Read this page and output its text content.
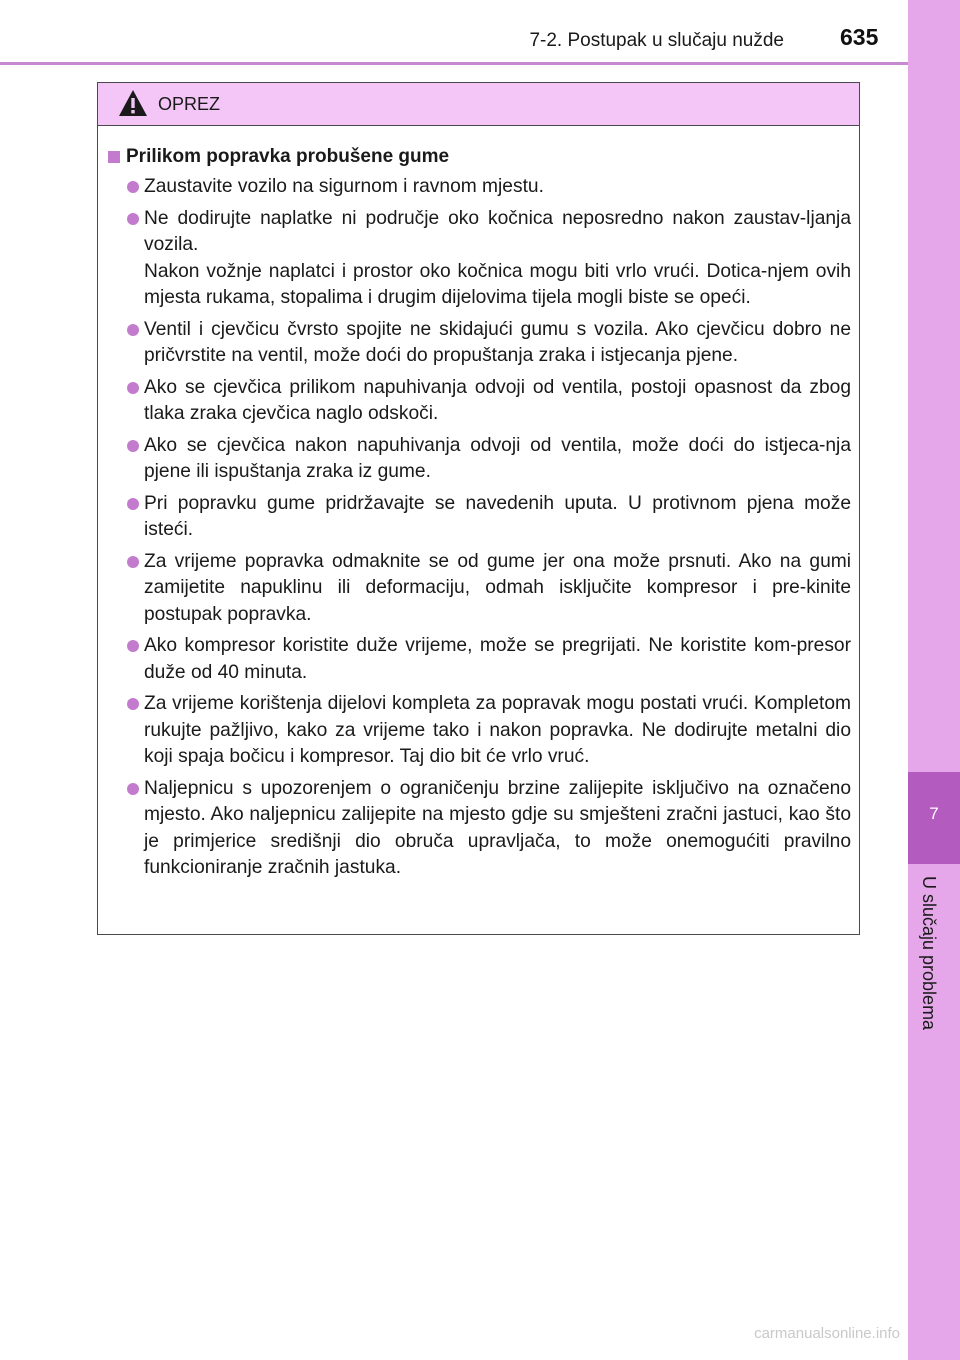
7-2. Postupak u slučaju nužde 635
7
U slučaju problema
OPREZ
Prilikom popravka probušene gume
Zaustavite vozilo na sigurnom i ravnom mjestu.
Ne dodirujte naplatke ni područje oko kočnica neposredno nakon zaustav-ljanja vozila.
Nakon vožnje naplatci i prostor oko kočnica mogu biti vrlo vrući. Dotica-njem ovih mjesta rukama, stopalima i drugim dijelovima tijela mogli biste se opeći.
Ventil i cjevčicu čvrsto spojite ne skidajući gumu s vozila. Ako cjevčicu dobro ne pričvrstite na ventil, može doći do propuštanja zraka i istjecanja pjene.
Ako se cjevčica prilikom napuhivanja odvoji od ventila, postoji opasnost da zbog tlaka zraka cjevčica naglo odskoči.
Ako se cjevčica nakon napuhivanja odvoji od ventila, može doći do istjeca-nja pjene ili ispuštanja zraka iz gume.
Pri popravku gume pridržavajte se navedenih uputa. U protivnom pjena može isteći.
Za vrijeme popravka odmaknite se od gume jer ona može prsnuti. Ako na gumi zamijetite napuklinu ili deformaciju, odmah isključite kompresor i pre-kinite postupak popravka.
Ako kompresor koristite duže vrijeme, može se pregrijati. Ne koristite kom-presor duže od 40 minuta.
Za vrijeme korištenja dijelovi kompleta za popravak mogu postati vrući. Kompletom rukujte pažljivo, kako za vrijeme tako i nakon popravka. Ne dodirujte metalni dio koji spaja bočicu i kompresor. Taj dio bit će vrlo vruć.
Naljepnicu s upozorenjem o ograničenju brzine zalijepite isključivo na označeno mjesto. Ako naljepnicu zalijepite na mjesto gdje su smješteni zračni jastuci, kao što je primjerice središnji dio obruča upravljača, to može onemogućiti pravilno funkcioniranje zračnih jastuka.
carmanualsonline.info
